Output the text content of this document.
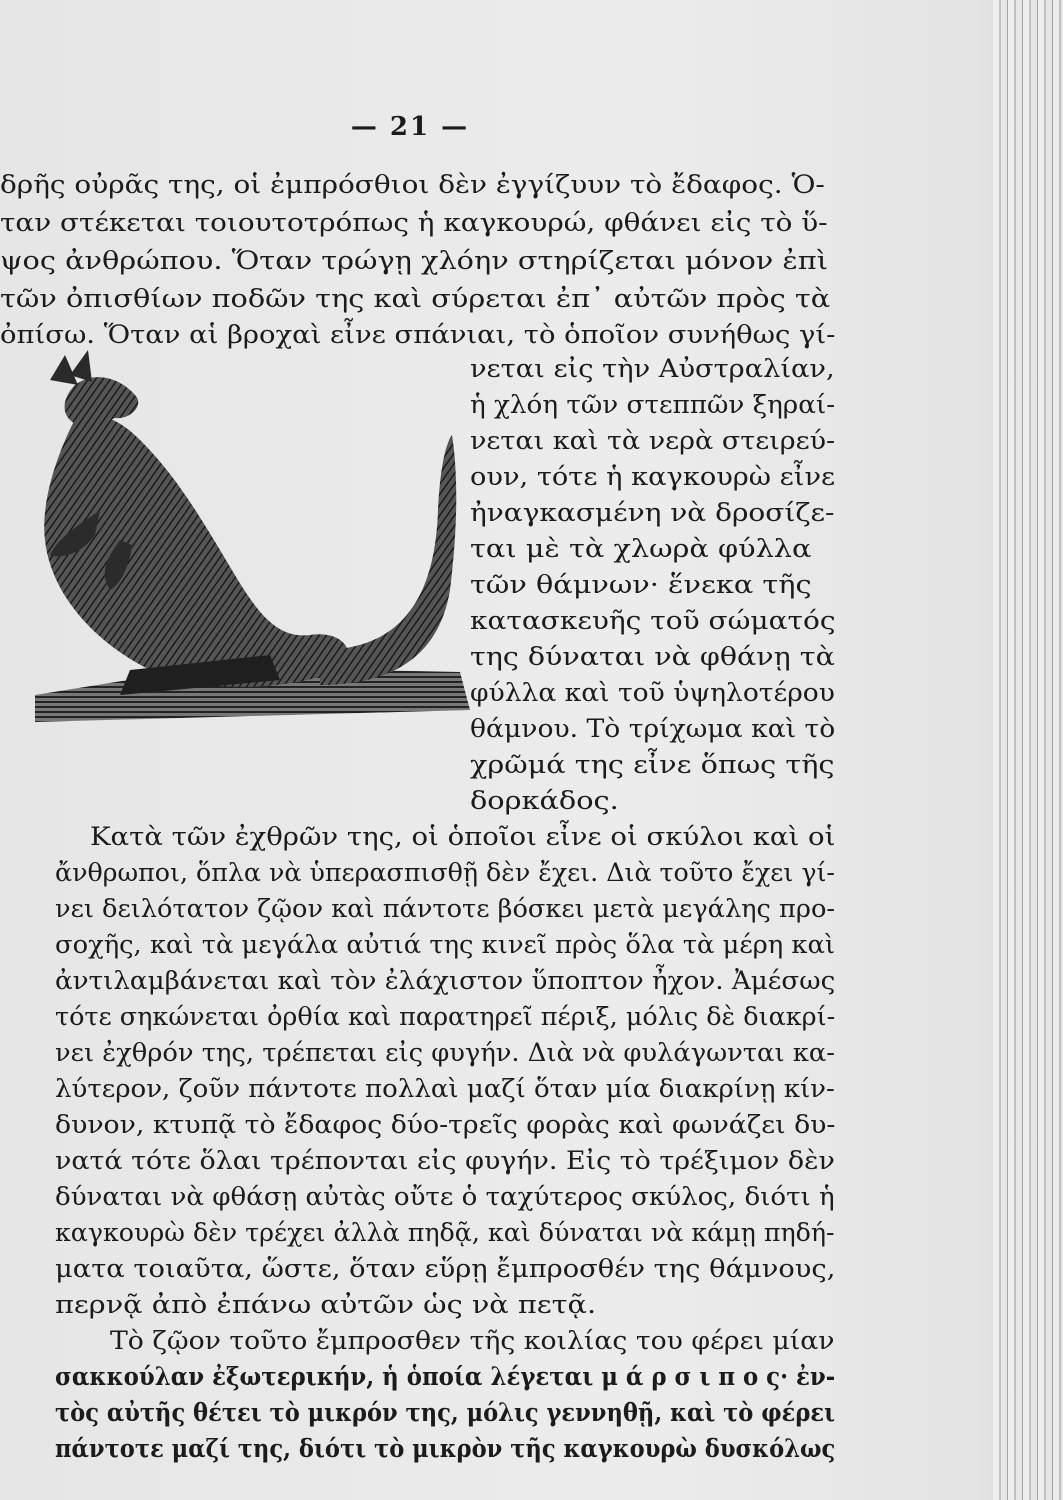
— 21 —
δρῆς οὐρᾶς της, οἱ ἐμπρόσθιοι δὲν ἐγγίζυυν τὸ ἔδαφος. Ὁ-
ταν στέκεται τοιουτοτρόπως ἡ καγκουρώ, φθάνει εἰς τὸ ὕ-
ψος ἀνθρώπου. Ὅταν τρώγῃ χλόην στηρίζεται μόνον ἐπὶ
τῶν ὀπισθίων ποδῶν της καὶ σύρεται ἐπ᾽ αὐτῶν πρὸς τὰ
ὀπίσω. Ὅταν αἱ βροχαὶ εἶνε σπάνιαι, τὸ ὁποῖον συνήθως γί-
νεται εἰς τὴν Αὐστραλίαν,
ἡ χλόη τῶν στεππῶν ξηραί-
νεται καὶ τὰ νερὰ στειρεύ-
ουν, τότε ἡ καγκουρὼ εἶνε
ἠναγκασμένη νὰ δροσίζε-
ται μὲ τὰ χλωρὰ φύλλα
τῶν θάμνων· ἕνεκα τῆς
κατασκευῆς τοῦ σώματός
της δύναται νὰ φθάνῃ τὰ
φύλλα καὶ τοῦ ὑψηλοτέρου
θάμνου. Τὸ τρίχωμα καὶ τὸ
χρῶμά της εἶνε ὅπως τῆς
δορκάδος.
Κατὰ τῶν ἐχθρῶν της, οἱ ὁποῖοι εἶνε οἱ σκύλοι καὶ οἱ
ἄνθρωποι, ὅπλα νὰ ὑπερασπισθῇ δὲν ἔχει. Διὰ τοῦτο ἔχει γί-
νει δειλότατον ζῷον καὶ πάντοτε βόσκει μετὰ μεγάλης προ-
σοχῆς, καὶ τὰ μεγάλα αὐτιά της κινεῖ πρὸς ὅλα τὰ μέρη καὶ
ἀντιλαμβάνεται καὶ τὸν ἐλάχιστον ὕποπτον ἦχον. Ἀμέσως
τότε σηκώνεται ὀρθία καὶ παρατηρεῖ πέριξ, μόλις δὲ διακρί-
νει ἐχθρόν της, τρέπεται εἰς φυγήν. Διὰ νὰ φυλάγωνται κα-
λύτερον, ζοῦν πάντοτε πολλαὶ μαζί ὅταν μία διακρίνῃ κίν-
δυνον, κτυπᾷ τὸ ἔδαφος δύο-τρεῖς φορὰς καὶ φωνάζει δυ-
νατά τότε ὅλαι τρέπονται εἰς φυγήν. Εἰς τὸ τρέξιμον δὲν
δύναται νὰ φθάσῃ αὐτὰς οὔτε ὁ ταχύτερος σκύλος, διότι ἡ
καγκουρὼ δὲν τρέχει ἀλλὰ πηδᾷ, καὶ δύναται νὰ κάμῃ πηδή-
ματα τοιαῦτα, ὥστε, ὅταν εὕρῃ ἔμπροσθέν της θάμνους,
περνᾷ ἀπὸ ἐπάνω αὐτῶν ὡς νὰ πετᾷ.
Τὸ ζῷον τοῦτο ἔμπροσθεν τῆς κοιλίας του φέρει μίαν
σακκούλαν ἐξωτερικήν, ἡ ὁποία λέγεται μ ά ρ σ ι π ο ς· ἐν-
τὸς αὐτῆς θέτει τὸ μικρόν της, μόλις γεννηθῇ, καὶ τὸ φέρει
πάντοτε μαζί της, διότι τὸ μικρὸν τῆς καγκουρὼ δυσκόλως
